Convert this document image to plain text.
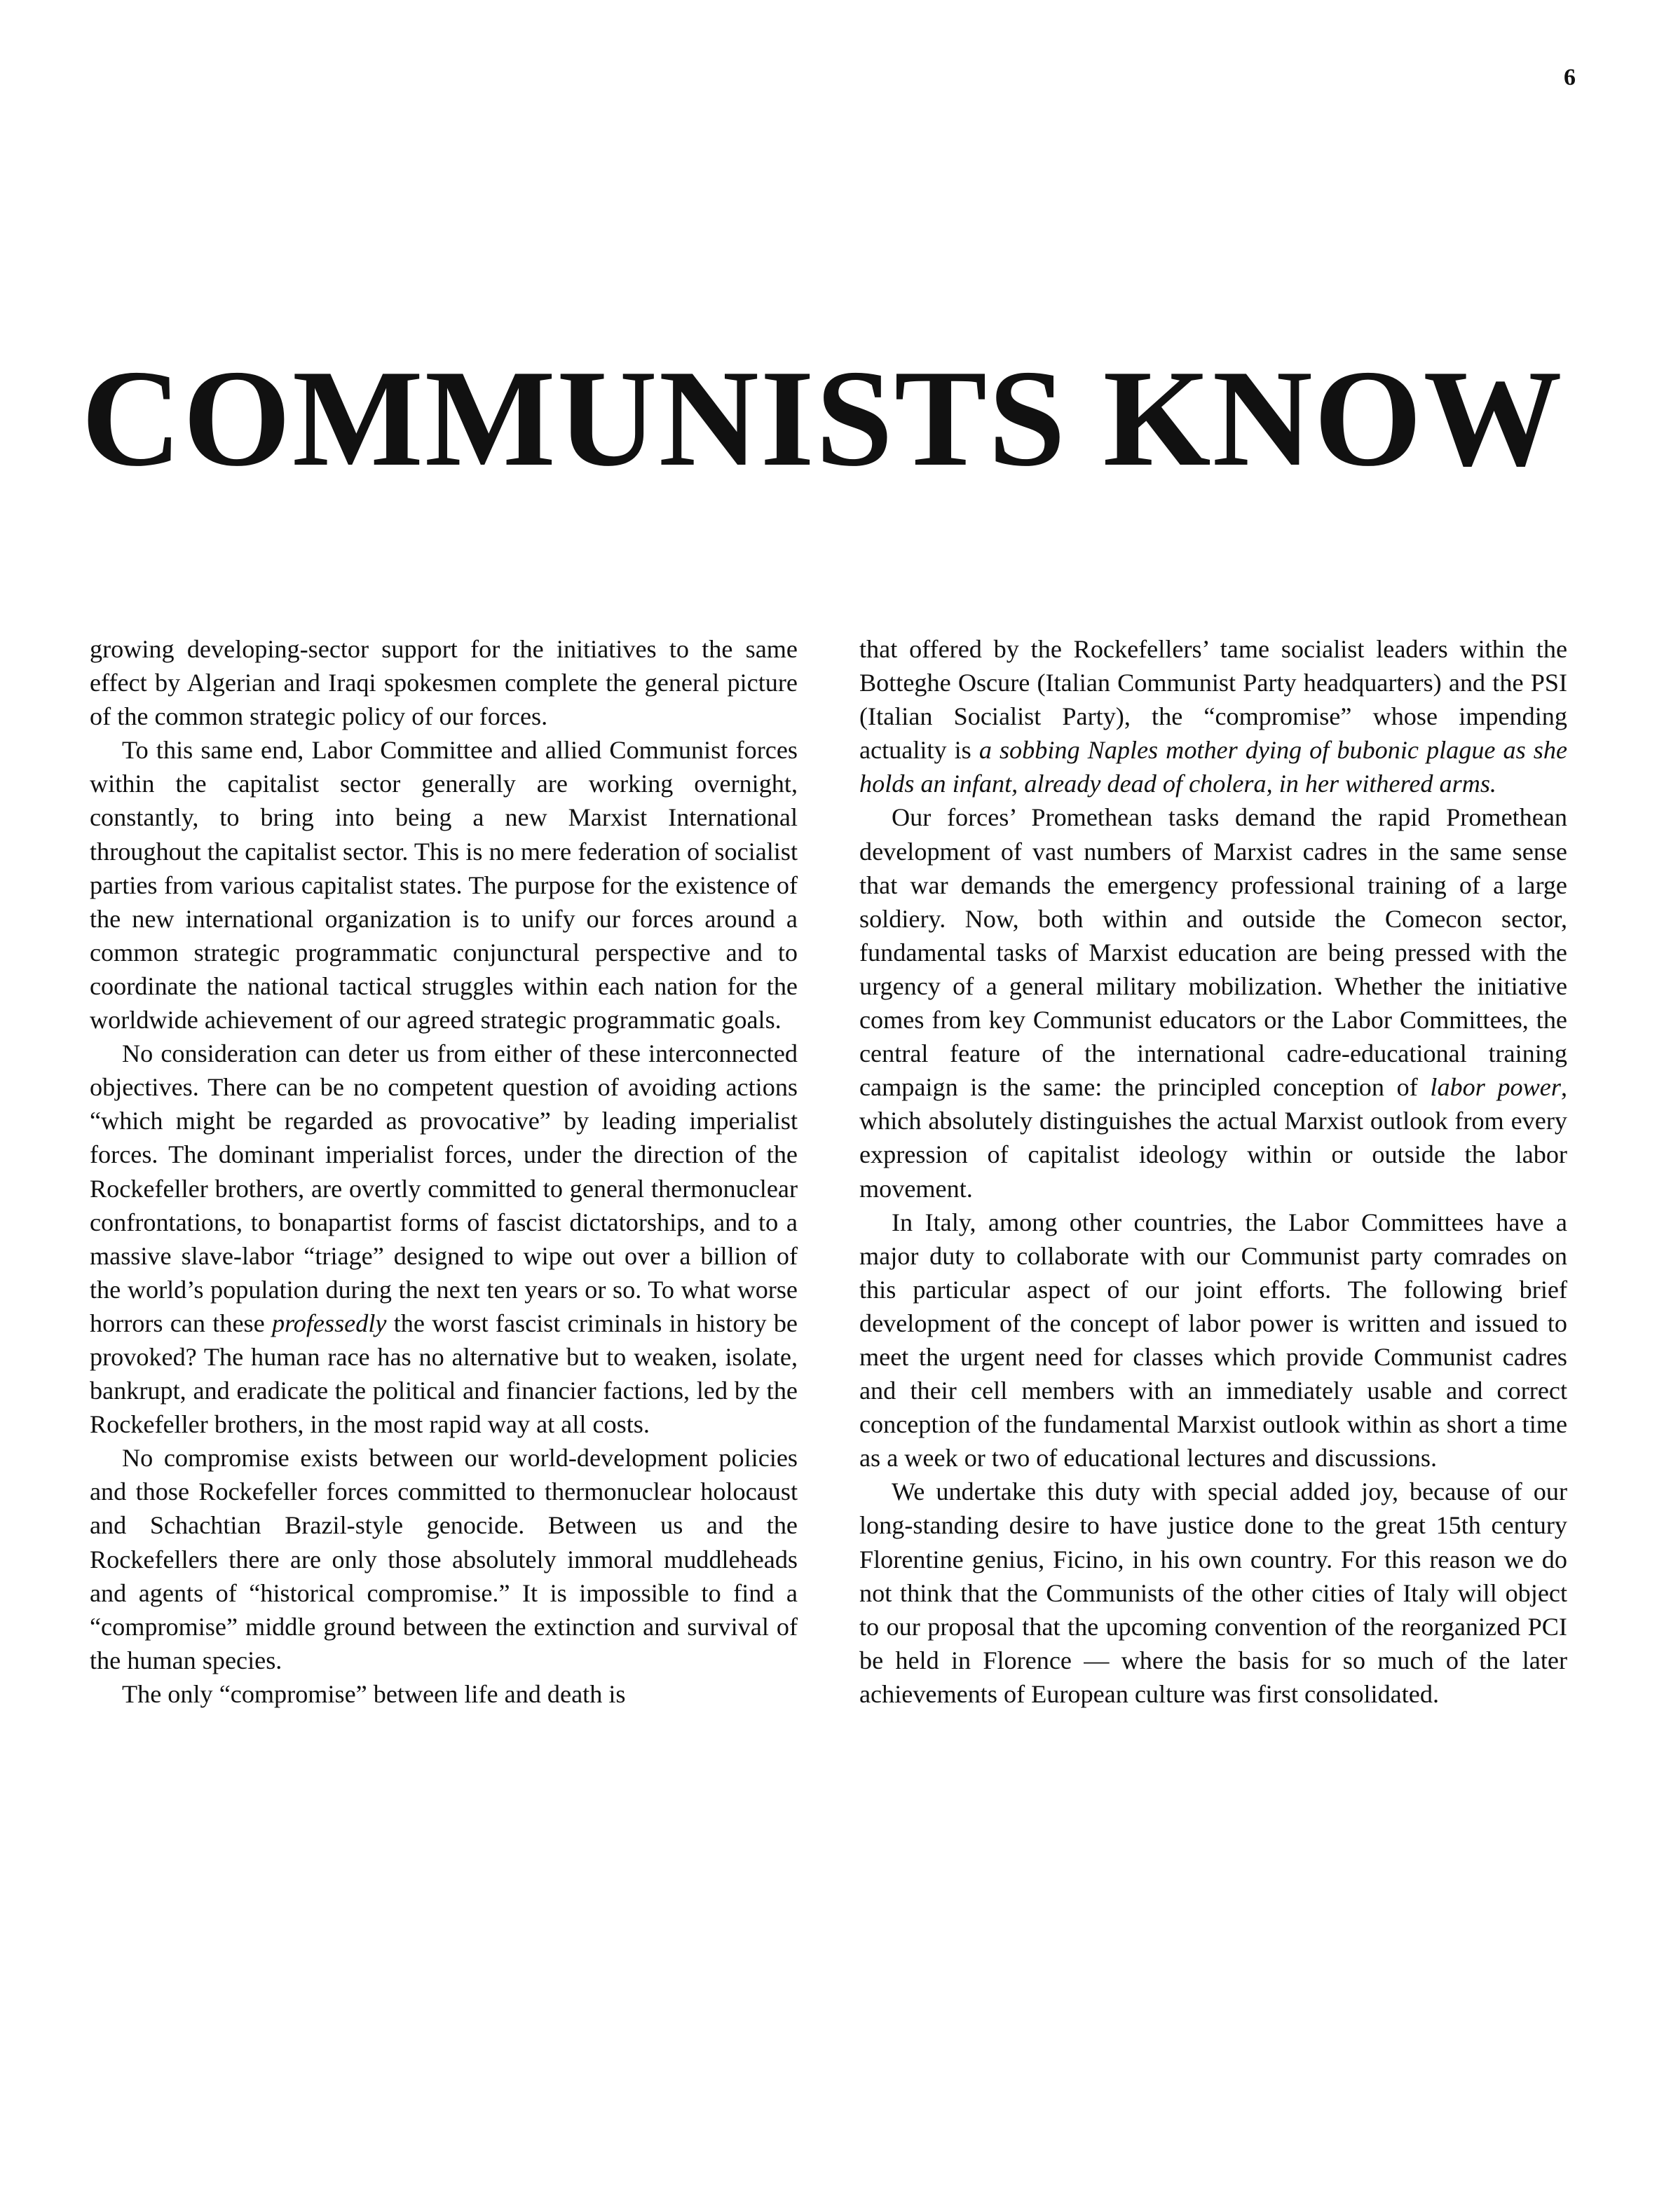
6
COMMUNISTS KNOW

growing developing-sector support for the initiatives to the same effect by Algerian and Iraqi spokesmen complete the general picture of the common strategic policy of our forces.

To this same end, Labor Committee and allied Communist forces within the capitalist sector generally are working overnight, constantly, to bring into being a new Marxist International throughout the capitalist sector. This is no mere federation of socialist parties from various capitalist states. The purpose for the existence of the new international organization is to unify our forces around a common strategic programmatic conjunctural perspective and to coordinate the national tactical struggles within each nation for the worldwide achievement of our agreed strategic programmatic goals.

No consideration can deter us from either of these interconnected objectives. There can be no competent question of avoiding actions “which might be regarded as provocative” by leading imperialist forces. The dominant imperialist forces, under the direction of the Rockefeller brothers, are overtly committed to general thermonuclear confrontations, to bonapartist forms of fascist dictatorships, and to a massive slave-labor “triage” designed to wipe out over a billion of the world’s population during the next ten years or so. To what worse horrors can these professedly the worst fascist criminals in history be provoked? The human race has no alternative but to weaken, isolate, bankrupt, and eradicate the political and financier factions, led by the Rockefeller brothers, in the most rapid way at all costs.

No compromise exists between our world-development policies and those Rockefeller forces committed to thermonuclear holocaust and Schachtian Brazil-style genocide. Between us and the Rockefellers there are only those absolutely immoral muddleheads and agents of “historical compromise.” It is impossible to find a “compromise” middle ground between the extinction and survival of the human species.

The only “compromise” between life and death is

that offered by the Rockefellers’ tame socialist leaders within the Botteghe Oscure (Italian Communist Party headquarters) and the PSI (Italian Socialist Party), the “compromise” whose impending actuality is a sobbing Naples mother dying of bubonic plague as she holds an infant, already dead of cholera, in her withered arms.

Our forces’ Promethean tasks demand the rapid Promethean development of vast numbers of Marxist cadres in the same sense that war demands the emergency professional training of a large soldiery. Now, both within and outside the Comecon sector, fundamental tasks of Marxist education are being pressed with the urgency of a general military mobilization. Whether the initiative comes from key Communist educators or the Labor Committees, the central feature of the international cadre-educational training campaign is the same: the principled conception of labor power, which absolutely distinguishes the actual Marxist outlook from every expression of capitalist ideology within or outside the labor movement.

In Italy, among other countries, the Labor Committees have a major duty to collaborate with our Communist party comrades on this particular aspect of our joint efforts. The following brief development of the concept of labor power is written and issued to meet the urgent need for classes which provide Communist cadres and their cell members with an immediately usable and correct conception of the fundamental Marxist outlook within as short a time as a week or two of educational lectures and discussions.

We undertake this duty with special added joy, because of our long-standing desire to have justice done to the great 15th century Florentine genius, Ficino, in his own country. For this reason we do not think that the Communists of the other cities of Italy will object to our proposal that the upcoming convention of the reorganized PCI be held in Florence — where the basis for so much of the later achievements of European culture was first consolidated.
